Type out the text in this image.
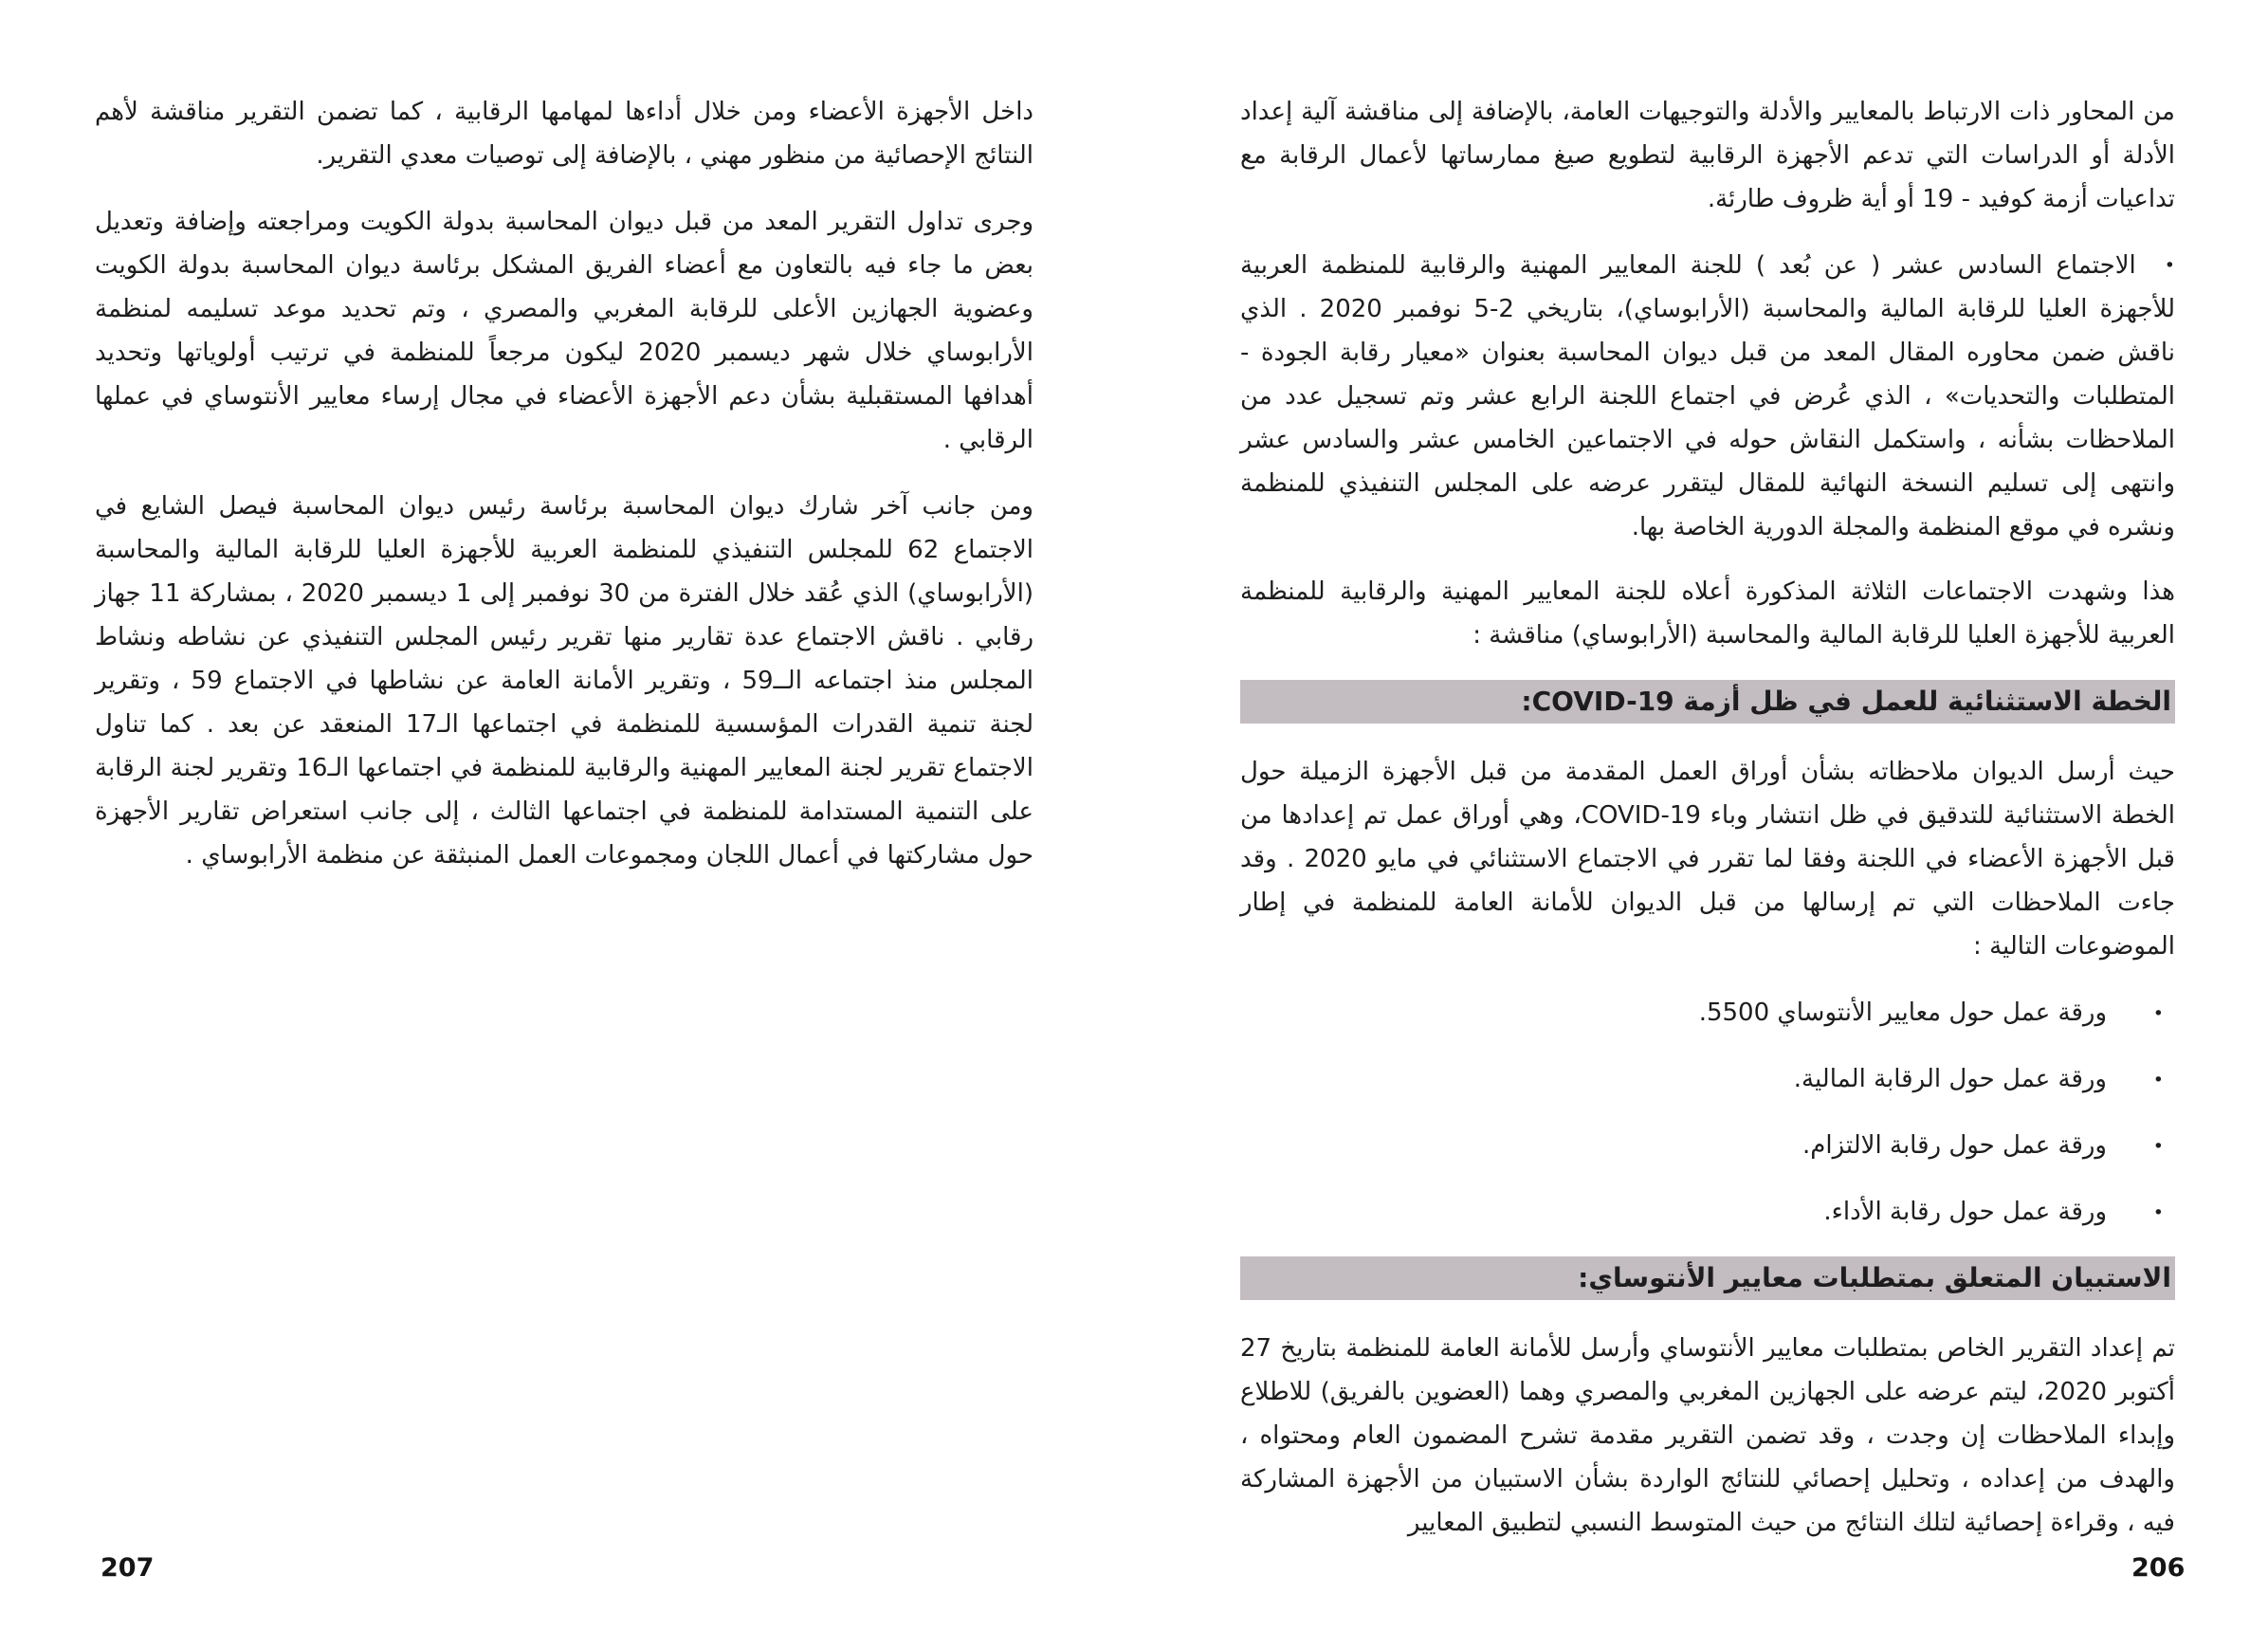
من المحاور ذات الارتباط بالمعايير والأدلة والتوجيهات العامة، بالإضافة إلى مناقشة آلية إعداد الأدلة أو الدراسات التي تدعم الأجهزة الرقابية لتطويع صيغ ممارساتها لأعمال الرقابة مع تداعيات أزمة كوفيد - 19 أو أية ظروف طارئة.

•الاجتماع السادس عشر ( عن بُعد ) للجنة المعايير المهنية والرقابية للمنظمة العربية للأجهزة العليا للرقابة المالية والمحاسبة (الأرابوساي)، بتاريخي 2-5 نوفمبر 2020 . الذي ناقش ضمن محاوره المقال المعد من قبل ديوان المحاسبة بعنوان «معيار رقابة الجودة - المتطلبات والتحديات» ، الذي عُرض في اجتماع اللجنة الرابع عشر وتم تسجيل عدد من الملاحظات بشأنه ، واستكمل النقاش حوله في الاجتماعين الخامس عشر والسادس عشر وانتهى إلى تسليم النسخة النهائية للمقال ليتقرر عرضه على المجلس التنفيذي للمنظمة ونشره في موقع المنظمة والمجلة الدورية الخاصة بها.

هذا وشهدت الاجتماعات الثلاثة المذكورة أعلاه للجنة المعايير المهنية والرقابية للمنظمة العربية للأجهزة العليا للرقابة المالية والمحاسبة (الأرابوساي) مناقشة :

الخطة الاستثنائية للعمل في ظل أزمة COVID-19:

حيث أرسل الديوان ملاحظاته بشأن أوراق العمل المقدمة من قبل الأجهزة الزميلة حول الخطة الاستثنائية للتدقيق في ظل انتشار وباء COVID-19، وهي أوراق عمل تم إعدادها من قبل الأجهزة الأعضاء في اللجنة وفقا لما تقرر في الاجتماع الاستثنائي في مايو 2020 . وقد جاءت الملاحظات التي تم إرسالها من قبل الديوان للأمانة العامة للمنظمة في إطار الموضوعات التالية :

•
ورقة عمل حول معايير الأنتوساي 5500.
•
ورقة عمل حول الرقابة المالية.
•
ورقة عمل حول رقابة الالتزام.
•
ورقة عمل حول رقابة الأداء.
الاستبيان المتعلق بمتطلبات معايير الأنتوساي:

تم إعداد التقرير الخاص بمتطلبات معايير الأنتوساي وأرسل للأمانة العامة للمنظمة بتاريخ 27 أكتوبر 2020، ليتم عرضه على الجهازين المغربي والمصري وهما (العضوين بالفريق) للاطلاع وإبداء الملاحظات إن وجدت ، وقد تضمن التقرير مقدمة تشرح المضمون العام ومحتواه ، والهدف من إعداده ، وتحليل إحصائي للنتائج الواردة بشأن الاستبيان من الأجهزة المشاركة فيه ، وقراءة إحصائية لتلك النتائج من حيث المتوسط النسبي لتطبيق المعايير

داخل الأجهزة الأعضاء ومن خلال أداءها لمهامها الرقابية ، كما تضمن التقرير مناقشة لأهم النتائج الإحصائية من منظور مهني ، بالإضافة إلى توصيات معدي التقرير.

وجرى تداول التقرير المعد من قبل ديوان المحاسبة بدولة الكويت ومراجعته وإضافة وتعديل بعض ما جاء فيه بالتعاون مع أعضاء الفريق المشكل برئاسة ديوان المحاسبة بدولة الكويت وعضوية الجهازين الأعلى للرقابة المغربي والمصري ، وتم تحديد موعد تسليمه لمنظمة الأرابوساي خلال شهر ديسمبر 2020 ليكون مرجعاً للمنظمة في ترتيب أولوياتها وتحديد أهدافها المستقبلية بشأن دعم الأجهزة الأعضاء في مجال إرساء معايير الأنتوساي في عملها الرقابي .

ومن جانب آخر شارك ديوان المحاسبة برئاسة رئيس ديوان المحاسبة فيصل الشايع في الاجتماع 62 للمجلس التنفيذي للمنظمة العربية للأجهزة العليا للرقابة المالية والمحاسبة (الأرابوساي) الذي عُقد خلال الفترة من 30 نوفمبر إلى 1 ديسمبر 2020 ، بمشاركة 11 جهاز رقابي . ناقش الاجتماع عدة تقارير منها تقرير رئيس المجلس التنفيذي عن نشاطه ونشاط المجلس منذ اجتماعه الــ59 ، وتقرير الأمانة العامة عن نشاطها في الاجتماع 59 ، وتقرير لجنة تنمية القدرات المؤسسية للمنظمة في اجتماعها الـ17 المنعقد عن بعد . كما تناول الاجتماع تقرير لجنة المعايير المهنية والرقابية للمنظمة في اجتماعها الـ16 وتقرير لجنة الرقابة على التنمية المستدامة للمنظمة في اجتماعها الثالث ، إلى جانب استعراض تقارير الأجهزة حول مشاركتها في أعمال اللجان ومجموعات العمل المنبثقة عن منظمة الأرابوساي .

207	206
